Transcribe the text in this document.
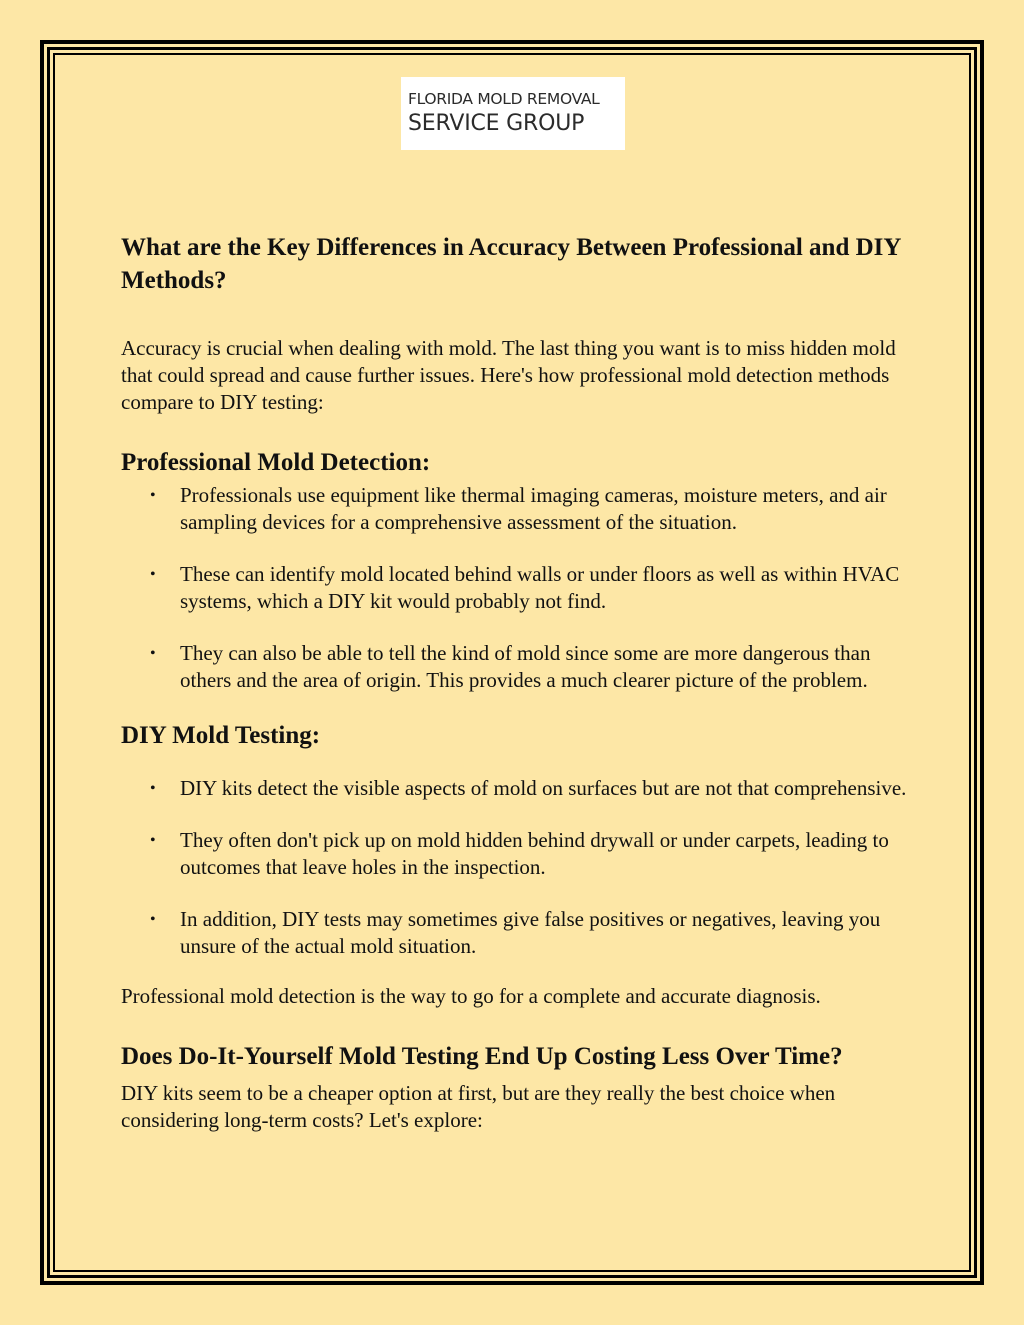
FLORIDA MOLD REMOVAL
SERVICE GROUP
What are the Key Differences in Accuracy Between Professional and DIY Methods?

Accuracy is crucial when dealing with mold. The last thing you want is to miss hidden mold that could spread and cause further issues. Here's how professional mold detection methods compare to DIY testing:

Professional Mold Detection:
• Professionals use equipment like thermal imaging cameras, moisture meters, and air sampling devices for a comprehensive assessment of the situation.
• These can identify mold located behind walls or under floors as well as within HVAC systems, which a DIY kit would probably not find.
• They can also be able to tell the kind of mold since some are more dangerous than others and the area of origin. This provides a much clearer picture of the problem.
DIY Mold Testing:
• DIY kits detect the visible aspects of mold on surfaces but are not that comprehensive.
• They often don't pick up on mold hidden behind drywall or under carpets, leading to outcomes that leave holes in the inspection.
• In addition, DIY tests may sometimes give false positives or negatives, leaving you unsure of the actual mold situation.

Professional mold detection is the way to go for a complete and accurate diagnosis.

Does Do-It-Yourself Mold Testing End Up Costing Less Over Time?

DIY kits seem to be a cheaper option at first, but are they really the best choice when considering long-term costs? Let's explore:
